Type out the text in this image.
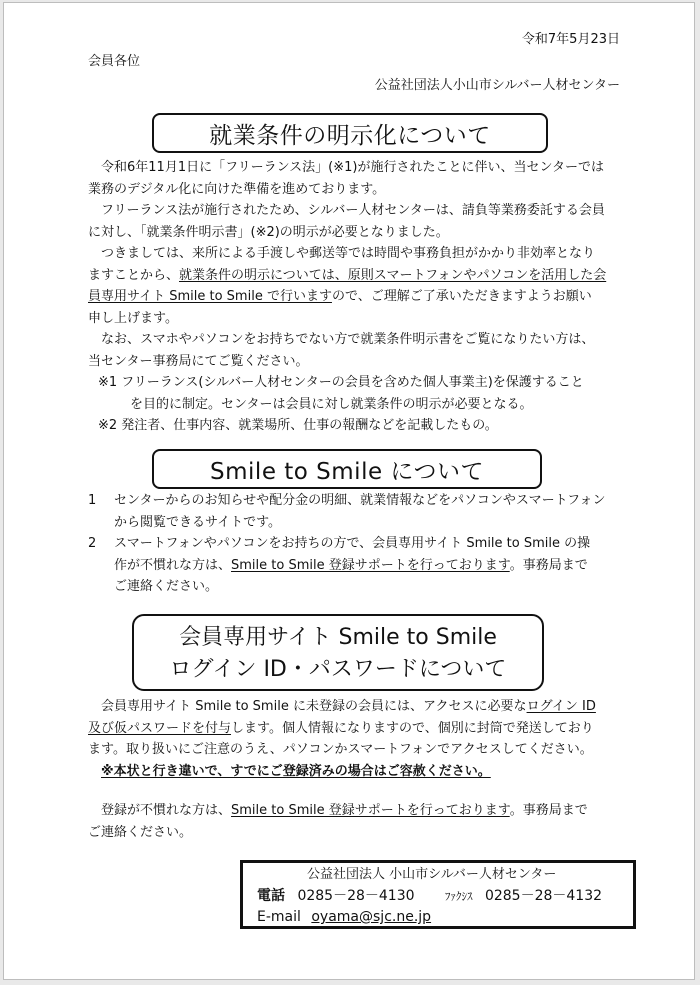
令和7年5月23日
会員各位
公益社団法人小山市シルバー人材センター
就業条件の明示化について

令和6年11月1日に「フリーランス法」(※1)が施行されたことに伴い、当センターでは

業務のデジタル化に向けた準備を進めております。

フリーランス法が施行されたため、シルバー人材センターは、請負等業務委託する会員

に対し、「就業条件明示書」(※2)の明示が必要となりました。

つきましては、来所による手渡しや郵送等では時間や事務負担がかかり非効率となり

ますことから、就業条件の明示については、原則スマートフォンやパソコンを活用した会

員専用サイト Smile to Smile で行いますので、ご理解ご了承いただきますようお願い

申し上げます。

なお、スマホやパソコンをお持ちでない方で就業条件明示書をご覧になりたい方は、

当センター事務局にてご覧ください。

※1 フリーランス(シルバー人材センターの会員を含めた個人事業主)を保護すること

を目的に制定。センターは会員に対し就業条件の明示が必要となる。

※2 発注者、仕事内容、就業場所、仕事の報酬などを記載したもの。

Smile to Smile について

1 センターからのお知らせや配分金の明細、就業情報などをパソコンやスマートフォン

から閲覧できるサイトです。

2 スマートフォンやパソコンをお持ちの方で、会員専用サイト Smile to Smile の操

作が不慣れな方は、Smile to Smile 登録サポートを行っております。事務局まで

ご連絡ください。

会員専用サイト Smile to Smile
ログイン ID・パスワードについて

会員専用サイト Smile to Smile に未登録の会員には、アクセスに必要なログイン ID

及び仮パスワードを付与します。個人情報になりますので、個別に封筒で発送しており

ます。取り扱いにご注意のうえ、パソコンかスマートフォンでアクセスしてください。

※本状と行き違いで、すでにご登録済みの場合はご容赦ください。

登録が不慣れな方は、Smile to Smile 登録サポートを行っております。事務局まで

ご連絡ください。

公益社団法人 小山市シルバー人材センター
電話 0285－28－4130	ﾌｧｸｼｽ 0285－28－4132
E-mail oyama@sjc.ne.jp
